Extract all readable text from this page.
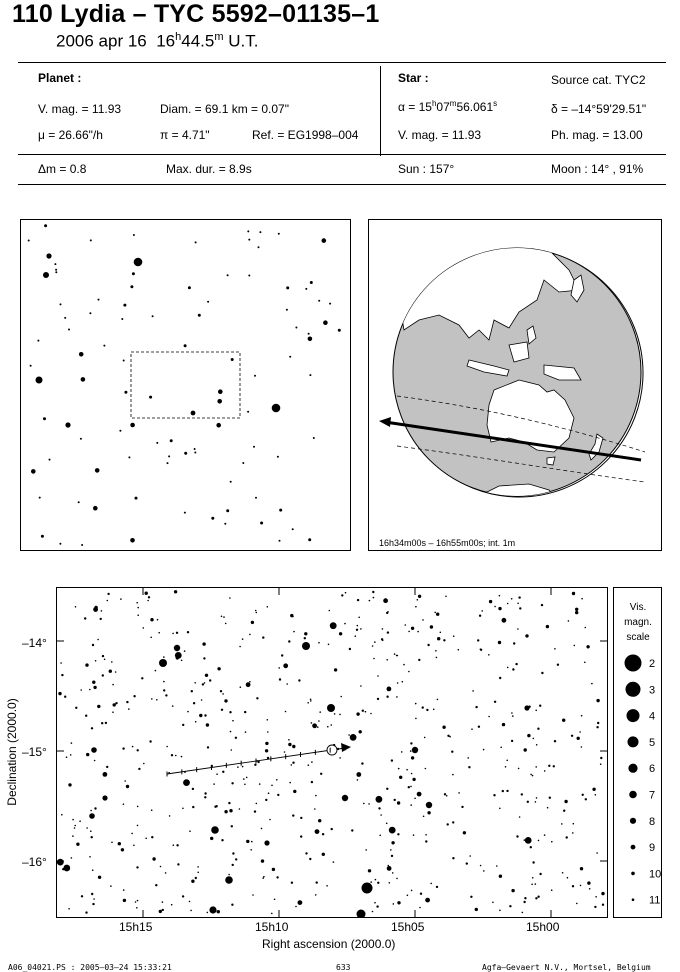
110 Lydia – TYC 5592–01135–1
2006 apr 16 16$^h$44.5$^m$ U.T.
Planet :
V. mag. = 11.93	Diam. = 69.1 km = 0.07"
μ = 26.66"/h	π = 4.71"	Ref. = EG1998–004
Star :	Source cat. TYC2
$\alpha = 15^h07^m56.061^s$	δ = –14°59'29.51"
V. mag. = 11.93	Ph. mag. = 13.00
Δm = 0.8	Max. dur. = 8.9s	Sun : 157°	Moon : 14° , 91%
16h34m00s – 16h55m00s; int. 1m
15h15	15h10	15h05	15h00
Right ascension (2000.0)
–14°
–15°
–16°
Declination (2000.0)
Vis.
magn.
scale
2
3
4
5
6
7
8
9
10
11
A06_04021.PS : 2005–03–24 15:33:21	633	Agfa–Gevaert N.V., Mortsel, Belgium
